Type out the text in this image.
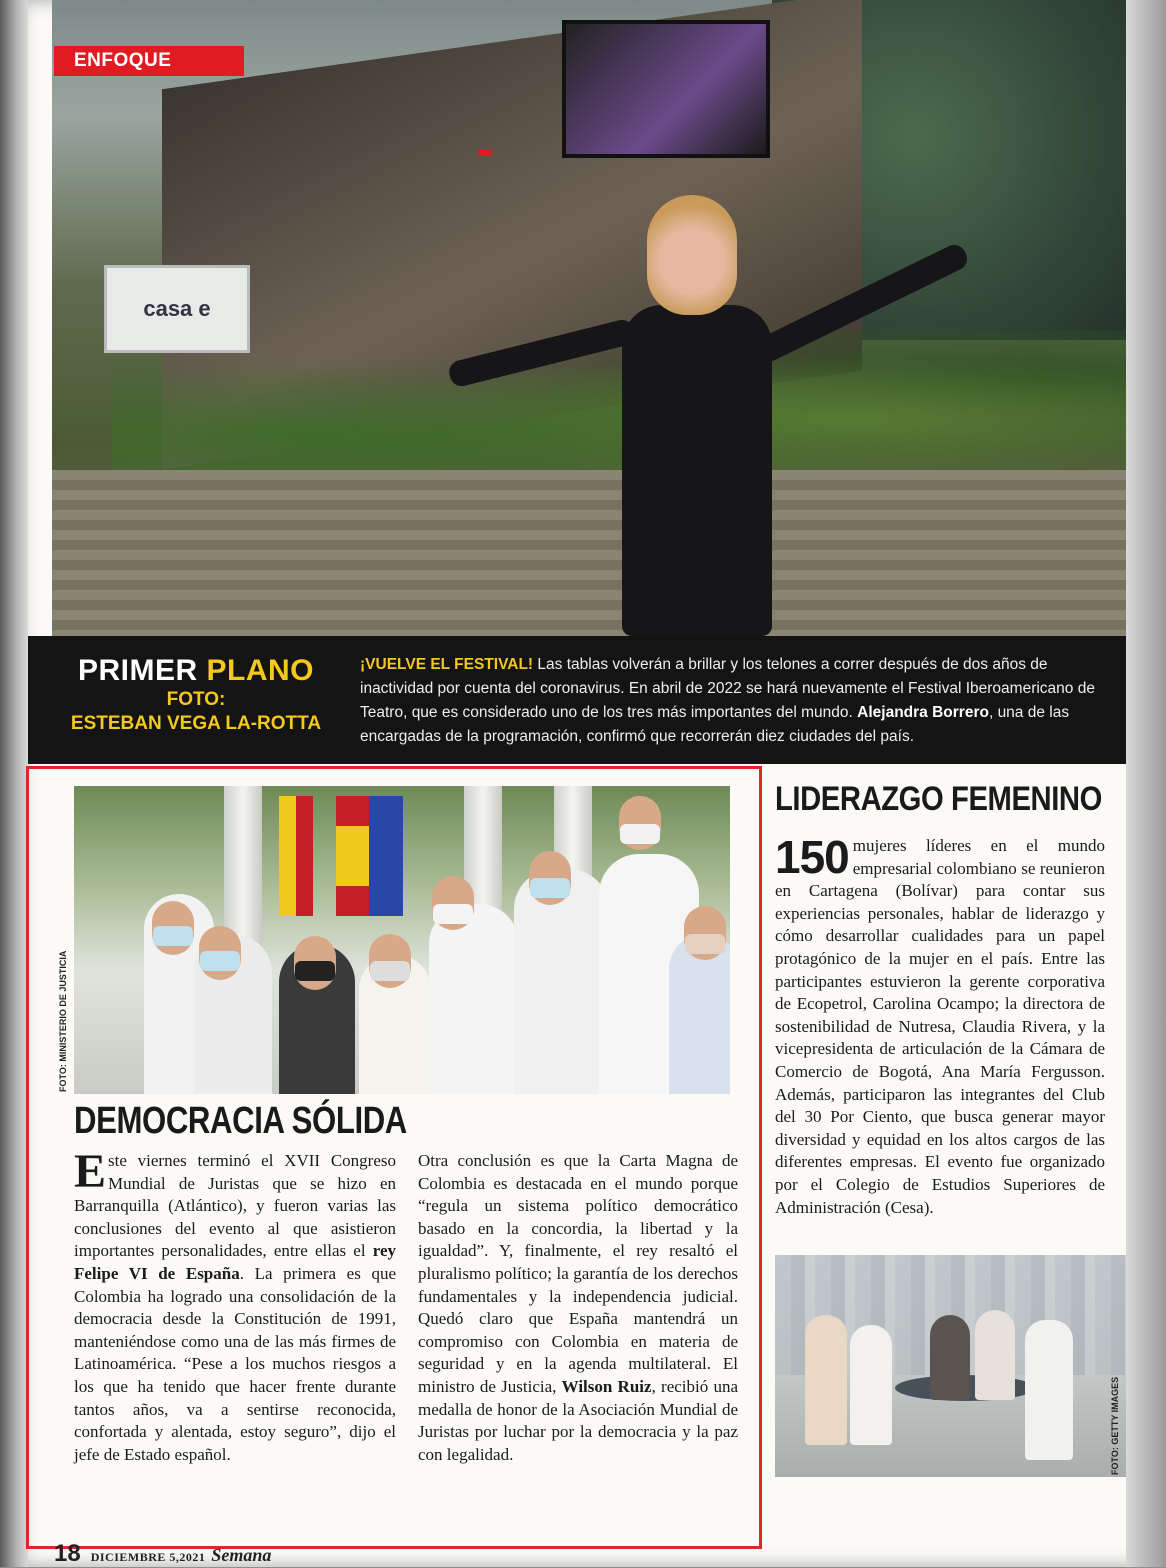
casa e
ENFOQUE
PRIMER PLANO
FOTO:
ESTEBAN VEGA LA-ROTTA
¡VUELVE EL FESTIVAL! Las tablas volverán a brillar y los telones a correr después de dos años de inactividad por cuenta del coronavirus. En abril de 2022 se hará nuevamente el Festival Iberoamericano de Teatro, que es considerado uno de los tres más importantes del mundo. Alejandra Borrero, una de las encargadas de la programación, confirmó que recorrerán diez ciudades del país.
FOTO: MINISTERIO DE JUSTICIA
DEMOCRACIA SÓLIDA

Este viernes terminó el XVII Congreso Mundial de Juristas que se hizo en Barranquilla (Atlántico), y fueron varias las conclusiones del evento al que asistieron importantes personalidades, entre ellas el rey Felipe VI de España. La primera es que Colombia ha logrado una consolidación de la democracia desde la Constitución de 1991, manteniéndose como una de las más firmes de Latinoamérica. “Pese a los muchos riesgos a los que ha tenido que hacer frente durante tantos años, va a sentirse reconocida, confortada y alentada, estoy seguro”, dijo el jefe de Estado español.

Otra conclusión es que la Carta Magna de Colombia es destacada en el mundo porque “regula un sistema político democrático basado en la concordia, la libertad y la igualdad”. Y, finalmente, el rey resaltó el pluralismo político; la garantía de los derechos fundamentales y la independencia judicial. Quedó claro que España mantendrá un compromiso con Colombia en materia de seguridad y en la agenda multilateral. El ministro de Justicia, Wilson Ruiz, recibió una medalla de honor de la Asociación Mundial de Juristas por luchar por la democracia y la paz con legalidad.

LIDERAZGO FEMENINO

150 mujeres líderes en el mundo empresarial colombiano se reunieron en Cartagena (Bolívar) para contar sus experiencias personales, hablar de liderazgo y cómo desarrollar cualidades para un papel protagónico de la mujer en el país. Entre las participantes estuvieron la gerente corporativa de Ecopetrol, Carolina Ocampo; la directora de sostenibilidad de Nutresa, Claudia Rivera, y la vicepresidenta de articulación de la Cámara de Comercio de Bogotá, Ana María Fergusson. Además, participaron las integrantes del Club del 30 Por Ciento, que busca generar mayor diversidad y equidad en los altos cargos de las diferentes empresas. El evento fue organizado por el Colegio de Estudios Superiores de Administración (Cesa).

FOTO: GETTY IMAGES
18 DICIEMBRE 5,2021 Semana
